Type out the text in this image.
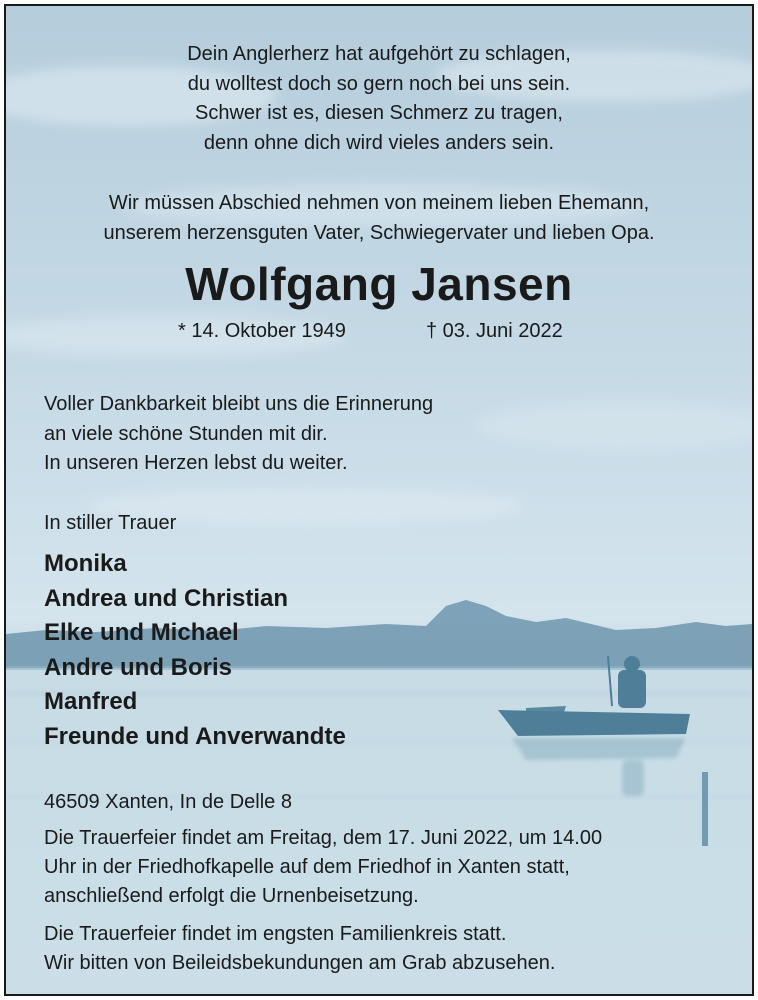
Dein Anglerherz hat aufgehört zu schlagen,
du wolltest doch so gern noch bei uns sein.
Schwer ist es, diesen Schmerz zu tragen,
denn ohne dich wird vieles anders sein.
Wir müssen Abschied nehmen von meinem lieben Ehemann,
unserem herzensguten Vater, Schwiegervater und lieben Opa.
Wolfgang Jansen
* 14. Oktober 1949	† 03. Juni 2022
Voller Dankbarkeit bleibt uns die Erinnerung
an viele schöne Stunden mit dir.
In unseren Herzen lebst du weiter.
In stiller Trauer
Monika
Andrea und Christian
Elke und Michael
Andre und Boris
Manfred
Freunde und Anverwandte
46509 Xanten, In de Delle 8
Die Trauerfeier findet am Freitag, dem 17. Juni 2022, um 14.00
Uhr in der Friedhofkapelle auf dem Friedhof in Xanten statt,
anschließend erfolgt die Urnenbeisetzung.
Die Trauerfeier findet im engsten Familienkreis statt.
Wir bitten von Beileidsbekundungen am Grab abzusehen.
